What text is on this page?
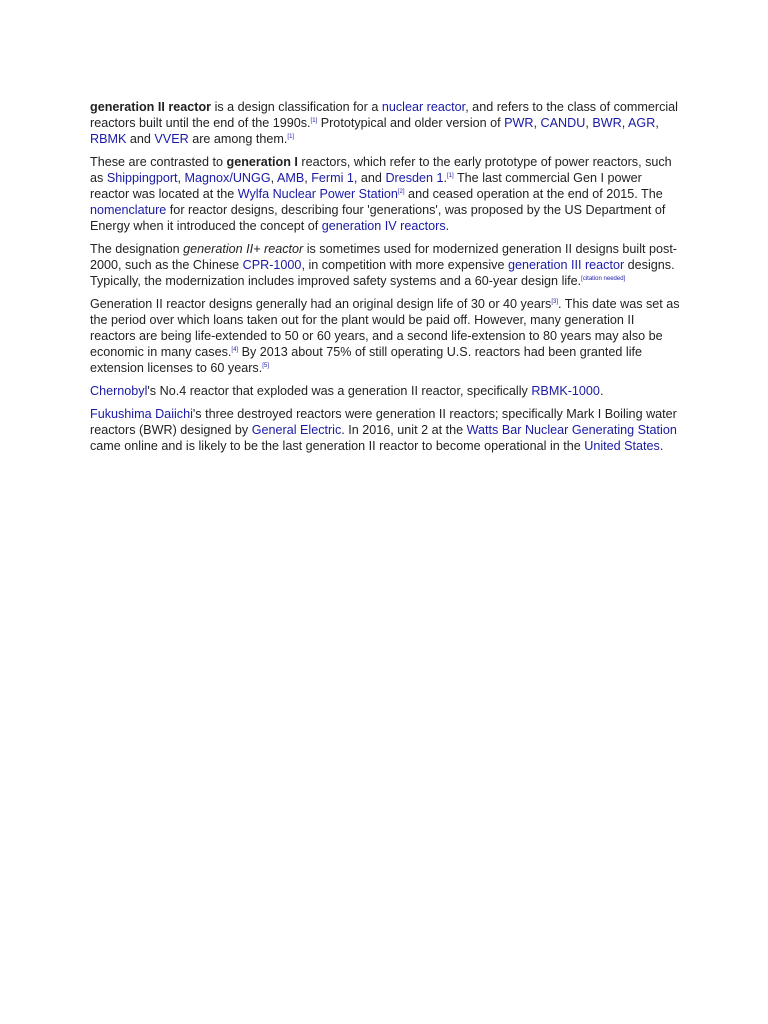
generation II reactor is a design classification for a nuclear reactor, and refers to the class of commercial reactors built until the end of the 1990s.[1] Prototypical and older version of PWR, CANDU, BWR, AGR, RBMK and VVER are among them.[1]

These are contrasted to generation I reactors, which refer to the early prototype of power reactors, such as Shippingport, Magnox/UNGG, AMB, Fermi 1, and Dresden 1.[1] The last commercial Gen I power reactor was located at the Wylfa Nuclear Power Station[2] and ceased operation at the end of 2015. The nomenclature for reactor designs, describing four 'generations', was proposed by the US Department of Energy when it introduced the concept of generation IV reactors.

The designation generation II+ reactor is sometimes used for modernized generation II designs built post-2000, such as the Chinese CPR-1000, in competition with more expensive generation III reactor designs. Typically, the modernization includes improved safety systems and a 60-year design life.[citation needed]

Generation II reactor designs generally had an original design life of 30 or 40 years[3]. This date was set as the period over which loans taken out for the plant would be paid off. However, many generation II reactors are being life-extended to 50 or 60 years, and a second life-extension to 80 years may also be economic in many cases.[4] By 2013 about 75% of still operating U.S. reactors had been granted life extension licenses to 60 years.[5]

Chernobyl's No.4 reactor that exploded was a generation II reactor, specifically RBMK-1000.

Fukushima Daiichi's three destroyed reactors were generation II reactors; specifically Mark I Boiling water reactors (BWR) designed by General Electric. In 2016, unit 2 at the Watts Bar Nuclear Generating Station came online and is likely to be the last generation II reactor to become operational in the United States.
